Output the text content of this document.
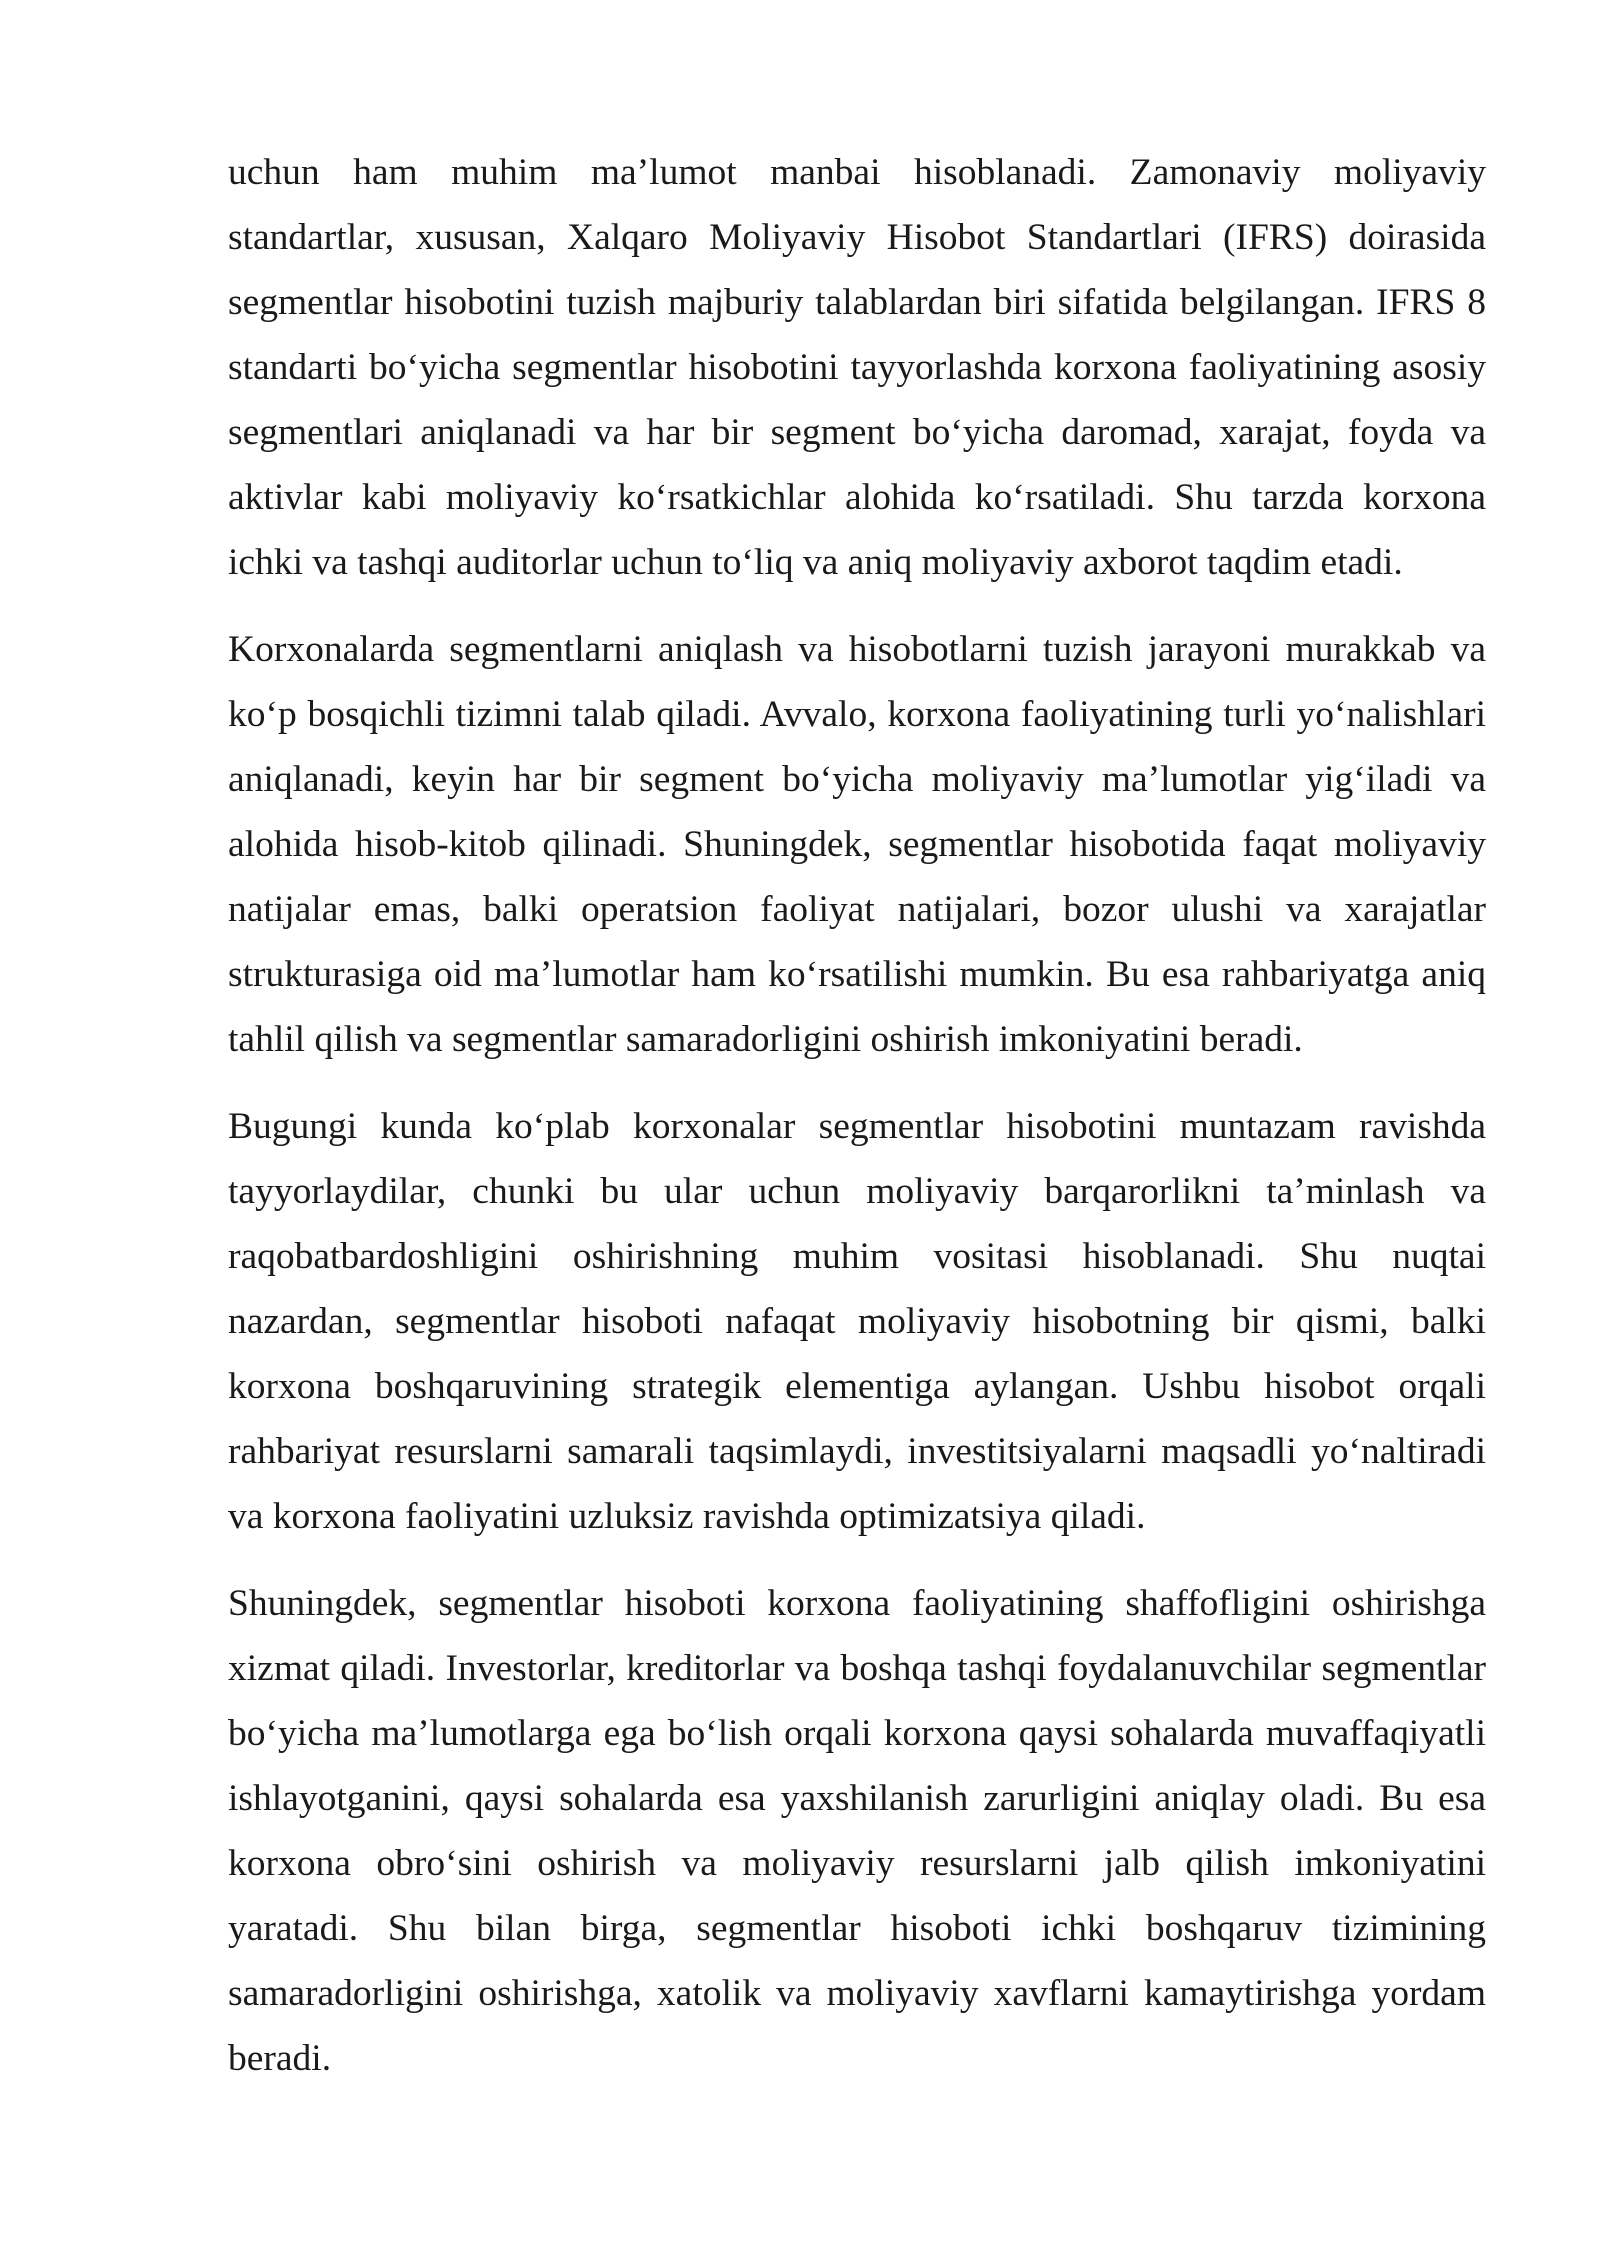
uchun ham muhim ma’lumot manbai hisoblanadi. Zamonaviy moliyaviy standartlar, xususan, Xalqaro Moliyaviy Hisobot Standartlari (IFRS) doirasida segmentlar hisobotini tuzish majburiy talablardan biri sifatida belgilangan. IFRS 8 standarti bo‘yicha segmentlar hisobotini tayyorlashda korxona faoliyatining asosiy segmentlari aniqlanadi va har bir segment bo‘yicha daromad, xarajat, foyda va aktivlar kabi moliyaviy ko‘rsatkichlar alohida ko‘rsatiladi. Shu tarzda korxona ichki va tashqi auditorlar uchun to‘liq va aniq moliyaviy axborot taqdim etadi.

Korxonalarda segmentlarni aniqlash va hisobotlarni tuzish jarayoni murakkab va ko‘p bosqichli tizimni talab qiladi. Avvalo, korxona faoliyatining turli yo‘nalishlari aniqlanadi, keyin har bir segment bo‘yicha moliyaviy ma’lumotlar yig‘iladi va alohida hisob-kitob qilinadi. Shuningdek, segmentlar hisobotida faqat moliyaviy natijalar emas, balki operatsion faoliyat natijalari, bozor ulushi va xarajatlar strukturasiga oid ma’lumotlar ham ko‘rsatilishi mumkin. Bu esa rahbariyatga aniq tahlil qilish va segmentlar samaradorligini oshirish imkoniyatini beradi.

Bugungi kunda ko‘plab korxonalar segmentlar hisobotini muntazam ravishda tayyorlaydilar, chunki bu ular uchun moliyaviy barqarorlikni ta’minlash va raqobatbardoshligini oshirishning muhim vositasi hisoblanadi. Shu nuqtai nazardan, segmentlar hisoboti nafaqat moliyaviy hisobotning bir qismi, balki korxona boshqaruvining strategik elementiga aylangan. Ushbu hisobot orqali rahbariyat resurslarni samarali taqsimlaydi, investitsiyalarni maqsadli yo‘naltiradi va korxona faoliyatini uzluksiz ravishda optimizatsiya qiladi.

Shuningdek, segmentlar hisoboti korxona faoliyatining shaffofligini oshirishga xizmat qiladi. Investorlar, kreditorlar va boshqa tashqi foydalanuvchilar segmentlar bo‘yicha ma’lumotlarga ega bo‘lish orqali korxona qaysi sohalarda muvaffaqiyatli ishlayotganini, qaysi sohalarda esa yaxshilanish zarurligini aniqlay oladi. Bu esa korxona obro‘sini oshirish va moliyaviy resurslarni jalb qilish imkoniyatini yaratadi. Shu bilan birga, segmentlar hisoboti ichki boshqaruv tizimining samaradorligini oshirishga, xatolik va moliyaviy xavflarni kamaytirishga yordam beradi.
